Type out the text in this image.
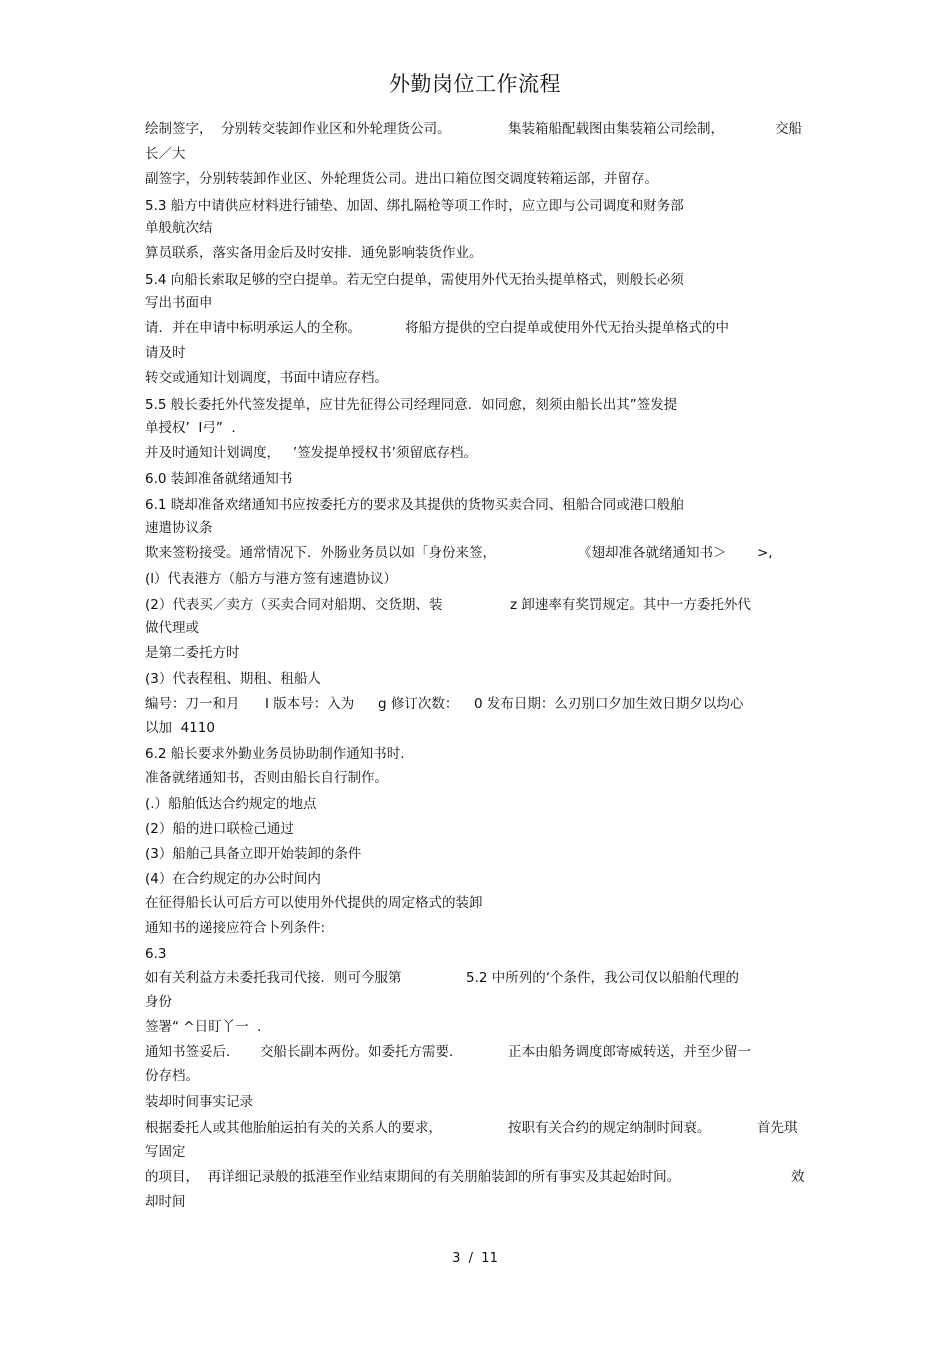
外勤岗位工作流程
绘制签字，  分别转交装卸作业区和外轮理货公司。	集装箱船配载图由集装箱公司绘制，	交船
长／大
副签字，分别转装卸作业区、外轮理货公司。进出口箱位图交调度转箱运部，并留存。
5.3 船方中请供应材料进行铺垫、加固、绑扎隔枪等项工作时，应立即与公司调度和财务部
单般航次结
算员联系，落实备用金后及时安排．通免影响装货作业。
5.4 向船长索取足够的空白提单。若无空白提单，需使用外代无抬头提单格式，则般长必须
写出书面申
请．并在申请中标明承运人的全称。	将船方提供的空白提单或使用外代无抬头提单格式的中
请及时
转交或通知计划调度，书面中请应存档。
5.5 般长委托外代签发提单，应甘先征得公司经理同意．如同愈，刻须由船长出其”签发提
单授权’  I弓”  .
并及时通知计划调度，   ’签发提单授权书’须留底存档。
6.0 装卸准备就绪通知书
6.1 晓却准备欢绪通知书应按委托方的要求及其提供的货物买卖合同、租船合同或港口般舶
速遣协议条
欺来签粉接受。通常情况下．外肠业务员以如「身份来签，	《翅却准各就绪通知书＞ >,
(l）代表港方（船方与港方签有速遣协议）
(2）代表买／卖方（买卖合同对船期、交货期、装	z 卸速率有奖罚规定。其中一方委托外代
做代理或
是第二委托方时
(3）代表程租、期租、租船人
编号：刀一和月 I 版本号：入为 g 修订次数： 0 发布日期：么刃别口夕加生效日期夕以均心
以加  4110
6.2 船长要求外勤业务员协助制作通知书时.
准备就绪通知书，否则由船长自行制作。
(.）船舶低达合约规定的地点
(2）船的进口联检己通过
(3）船舶己具备立即开始装卸的条件
(4）在合约规定的办公时间内
在征得船长认可后方可以使用外代提供的周定格式的装卸
通知书的递接应符合卜列条件:
6.3
如有关利益方未委托我司代接．则可今服第	5.2 中所列的‘个条件，我公司仅以船舶代理的
身份
签署“ ^日盯丫一  .
通知书签妥后． 交船长副本两份。如委托方需要．	正本由船务调度郎寄威转送，并至少留一
份存档。
装却时间事实记录
根据委托人或其他胎舶运拍有关的关系人的要求，	按职有关合约的规定纳制时间衰。	首先琪
写固定
的项目，  再详细记录般的抵港至作业结束期间的有关朋舶装卸的所有事实及其起始时间。	效
却时间
3  /  11
